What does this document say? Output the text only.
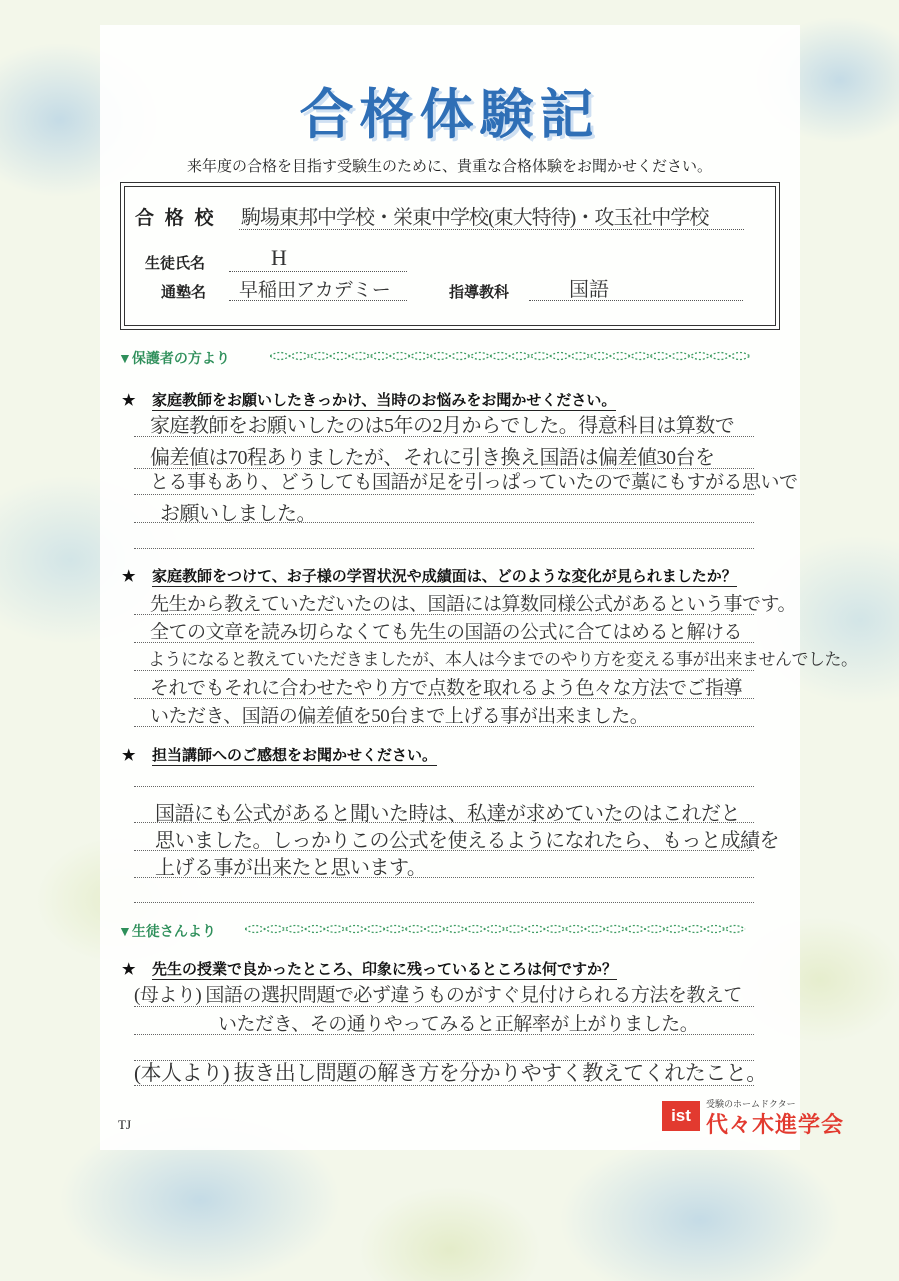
合格体験記
来年度の合格を目指す受験生のために、貴重な合格体験をお聞かせください。
合 格 校 駒場東邦中学校・栄東中学校(東大特待)・攻玉社中学校
生徒氏名	H
通塾名 早稲田アカデミー	指導教科	国語
▼保護者の方より
★ 家庭教師をお願いしたきっかけ、当時のお悩みをお聞かせください。
家庭教師をお願いしたのは5年の2月からでした。得意科目は算数で
偏差値は70程ありましたが、それに引き換え国語は偏差値30台を
とる事もあり、どうしても国語が足を引っぱっていたので藁にもすがる思いで
お願いしました。
★ 家庭教師をつけて、お子様の学習状況や成績面は、どのような変化が見られましたか？
先生から教えていただいたのは、国語には算数同様公式があるという事です。
全ての文章を読み切らなくても先生の国語の公式に合てはめると解ける
ようになると教えていただきましたが、本人は今までのやり方を変える事が出来ませんでした。
それでもそれに合わせたやり方で点数を取れるよう色々な方法でご指導
いただき、国語の偏差値を50台まで上げる事が出来ました。
★ 担当講師へのご感想をお聞かせください。
国語にも公式があると聞いた時は、私達が求めていたのはこれだと
思いました。しっかりこの公式を使えるようになれたら、もっと成績を
上げる事が出来たと思います。
▼生徒さんより
★ 先生の授業で良かったところ、印象に残っているところは何ですか？
(母より) 国語の選択問題で必ず違うものがすぐ見付けられる方法を教えて
いただき、その通りやってみると正解率が上がりました。
(本人より) 抜き出し問題の解き方を分かりやすく教えてくれたこと。
TJ	ist
受験のホームドクター
代々木進学会
